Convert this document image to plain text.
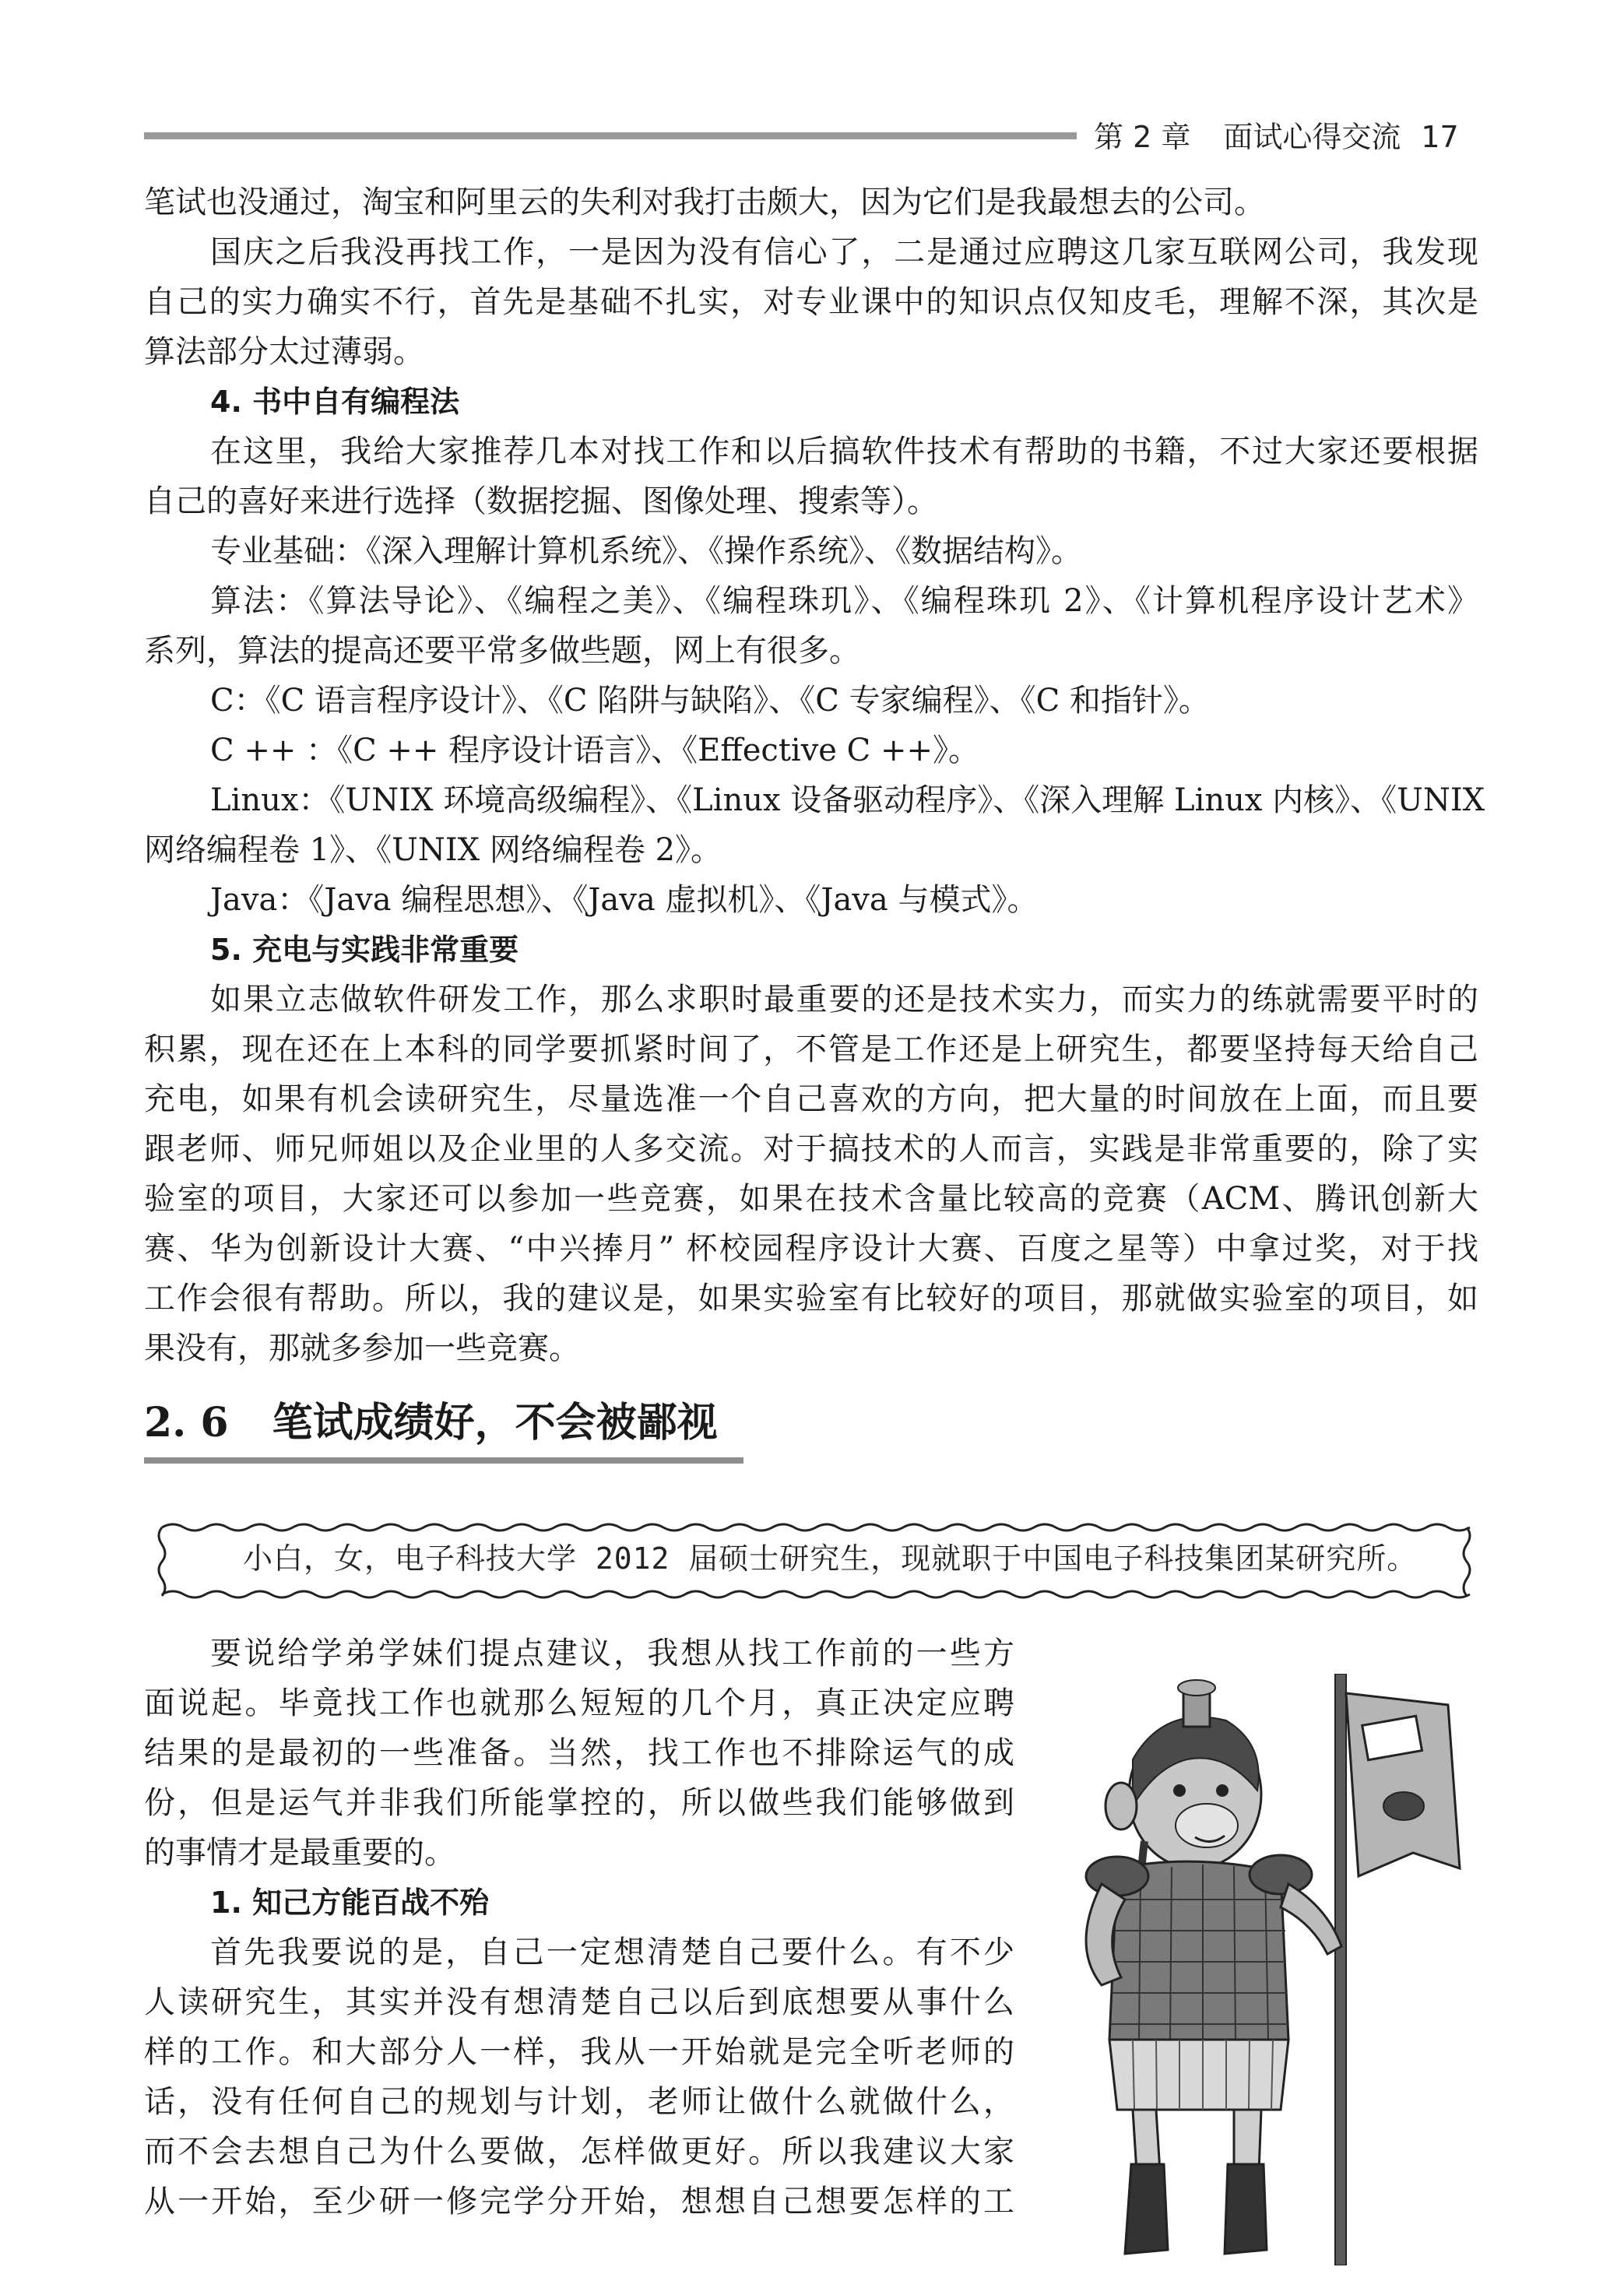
第 2 章 面试心得交流 17
笔试也没通过，淘宝和阿里云的失利对我打击颇大，因为它们是我最想去的公司。
国庆之后我没再找工作，一是因为没有信心了，二是通过应聘这几家互联网公司，我发现
自己的实力确实不行，首先是基础不扎实，对专业课中的知识点仅知皮毛，理解不深，其次是
算法部分太过薄弱。
4. 书中自有编程法
在这里，我给大家推荐几本对找工作和以后搞软件技术有帮助的书籍，不过大家还要根据
自己的喜好来进行选择（数据挖掘、图像处理、搜索等）。
专业基础：《深入理解计算机系统》、《操作系统》、《数据结构》。
算法：《算法导论》、《编程之美》、《编程珠玑》、《编程珠玑 2》、《计算机程序设计艺术》
系列，算法的提高还要平常多做些题，网上有很多。
C：《C 语言程序设计》、《C 陷阱与缺陷》、《C 专家编程》、《C 和指针》。
C ++ ：《C ++ 程序设计语言》、《Effective C ++》。
Linux：《UNIX 环境高级编程》、《Linux 设备驱动程序》、《深入理解 Linux 内核》、《UNIX
网络编程卷 1》、《UNIX 网络编程卷 2》。
Java：《Java 编程思想》、《Java 虚拟机》、《Java 与模式》。
5. 充电与实践非常重要
如果立志做软件研发工作，那么求职时最重要的还是技术实力，而实力的练就需要平时的
积累，现在还在上本科的同学要抓紧时间了，不管是工作还是上研究生，都要坚持每天给自己
充电，如果有机会读研究生，尽量选准一个自己喜欢的方向，把大量的时间放在上面，而且要
跟老师、师兄师姐以及企业里的人多交流。对于搞技术的人而言，实践是非常重要的，除了实
验室的项目，大家还可以参加一些竞赛，如果在技术含量比较高的竞赛（ACM、腾讯创新大
赛、华为创新设计大赛、“中兴捧月” 杯校园程序设计大赛、百度之星等）中拿过奖，对于找
工作会很有帮助。所以，我的建议是，如果实验室有比较好的项目，那就做实验室的项目，如
果没有，那就多参加一些竞赛。
2. 6 笔试成绩好，不会被鄙视
小白，女，电子科技大学 2012 届硕士研究生，现就职于中国电子科技集团某研究所。
要说给学弟学妹们提点建议，我想从找工作前的一些方
面说起。毕竟找工作也就那么短短的几个月，真正决定应聘
结果的是最初的一些准备。当然，找工作也不排除运气的成
份，但是运气并非我们所能掌控的，所以做些我们能够做到
的事情才是最重要的。
1. 知己方能百战不殆
首先我要说的是，自己一定想清楚自己要什么。有不少
人读研究生，其实并没有想清楚自己以后到底想要从事什么
样的工作。和大部分人一样，我从一开始就是完全听老师的
话，没有任何自己的规划与计划，老师让做什么就做什么，
而不会去想自己为什么要做，怎样做更好。所以我建议大家
从一开始，至少研一修完学分开始，想想自己想要怎样的工
